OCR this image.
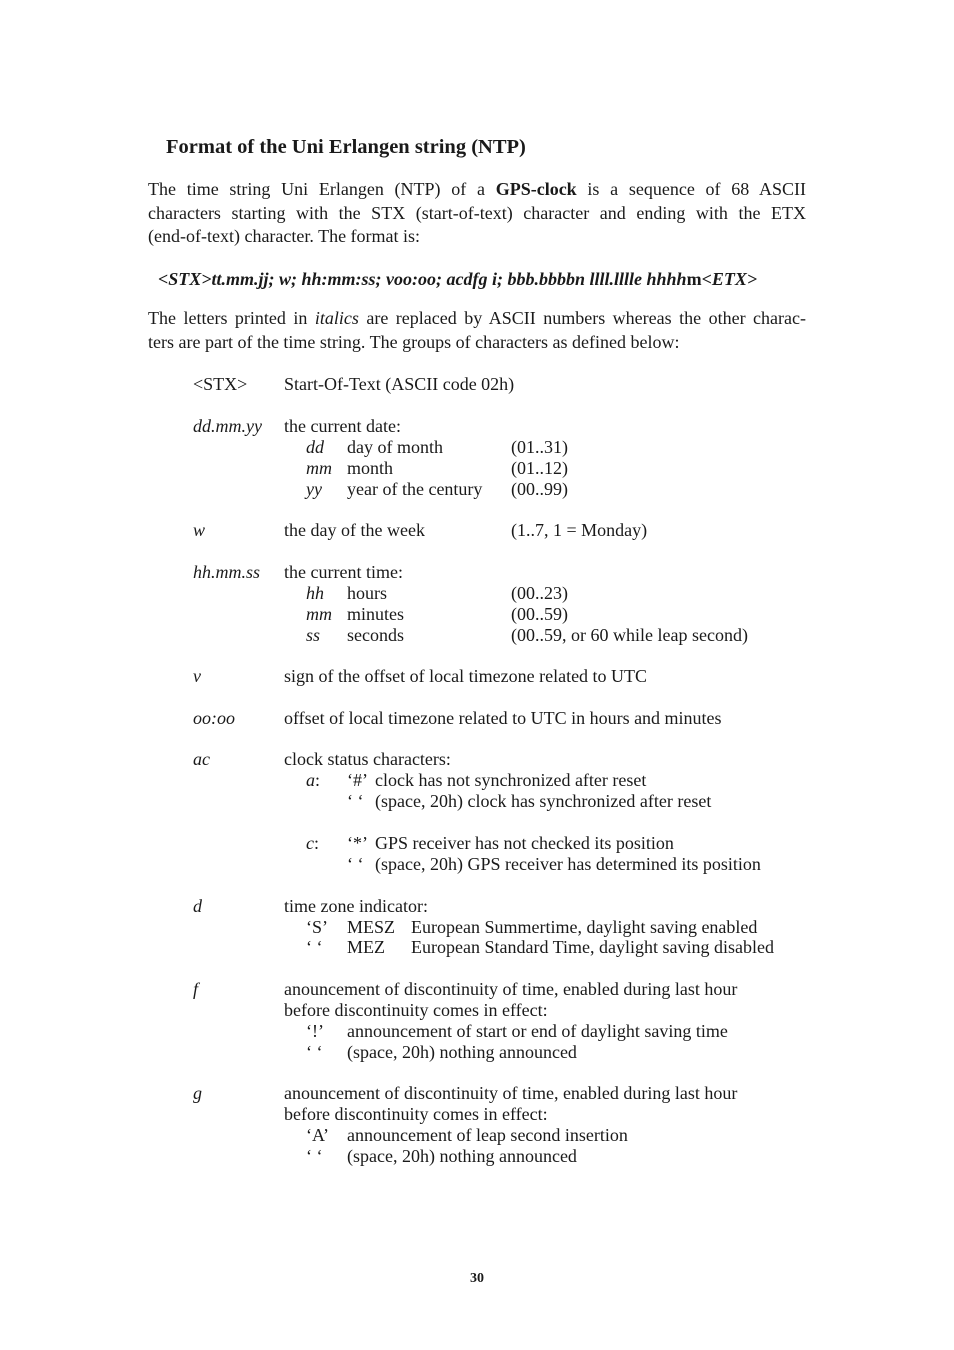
Format of the Uni Erlangen string (NTP)
The time string Uni Erlangen (NTP) of a GPS-clock is a sequence of 68 ASCII
characters starting with the STX (start-of-text) character and ending with the ETX
(end-of-text) character. The format is:
<STX>tt.mm.jj; w; hh:mm:ss; voo:oo; acdfg i; bbb.bbbbn llll.lllle hhhhm<ETX>
The letters printed in italics are replaced by ASCII numbers whereas the other charac-
ters are part of the time string. The groups of characters as defined below:
<STX> Start-Of-Text (ASCII code 02h)
dd.mm.yy the current date:
dd day of month	(01..31)
mm month	(01..12)
yy year of the century (00..99)
w	the day of the week	(1..7, 1 = Monday)
hh.mm.ss the current time:
hh hours	(00..23)
mm minutes	(00..59)
ss seconds	(00..59, or 60 while leap second)
v	sign of the offset of local timezone related to UTC
oo:oo	offset of local timezone related to UTC in hours and minutes
ac	clock status characters:
a: ‘#’ clock has not synchronized after reset
‘ ‘ (space, 20h) clock has synchronized after reset
c: ‘*’ GPS receiver has not checked its position
‘ ‘ (space, 20h) GPS receiver has determined its position
d	time zone indicator:
‘S’ MESZ European Summertime, daylight saving enabled
‘ ‘ MEZ European Standard Time, daylight saving disabled
f	anouncement of discontinuity of time, enabled during last hour
before discontinuity comes in effect:
‘!’ announcement of start or end of daylight saving time
‘ ‘ (space, 20h) nothing announced
g	anouncement of discontinuity of time, enabled during last hour
before discontinuity comes in effect:
‘A’ announcement of leap second insertion
‘ ‘ (space, 20h) nothing announced
30
